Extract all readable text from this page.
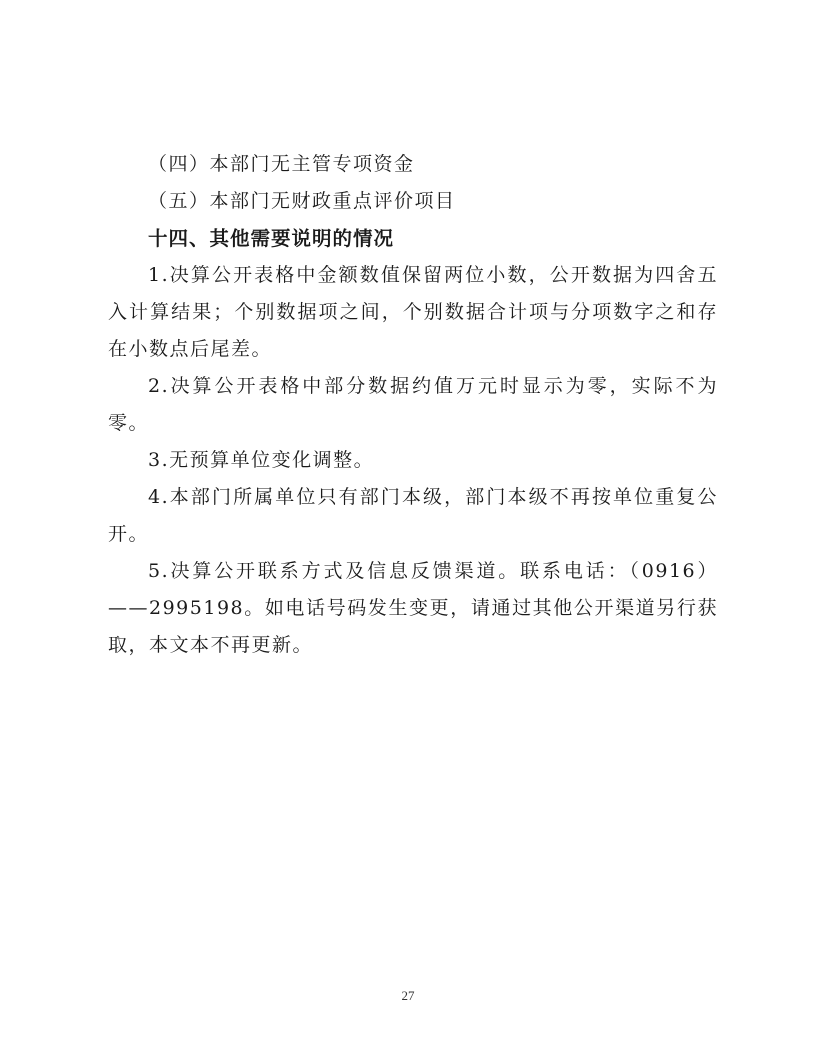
（四）本部门无主管专项资金

（五）本部门无财政重点评价项目

十四、其他需要说明的情况

1.决算公开表格中金额数值保留两位小数，公开数据为四舍五入计算结果；个别数据项之间，个别数据合计项与分项数字之和存在小数点后尾差。

2.决算公开表格中部分数据约值万元时显示为零，实际不为零。

3.无预算单位变化调整。

4.本部门所属单位只有部门本级，部门本级不再按单位重复公开。

5.决算公开联系方式及信息反馈渠道。联系电话：（0916）——2995198。如电话号码发生变更，请通过其他公开渠道另行获取，本文本不再更新。

27
